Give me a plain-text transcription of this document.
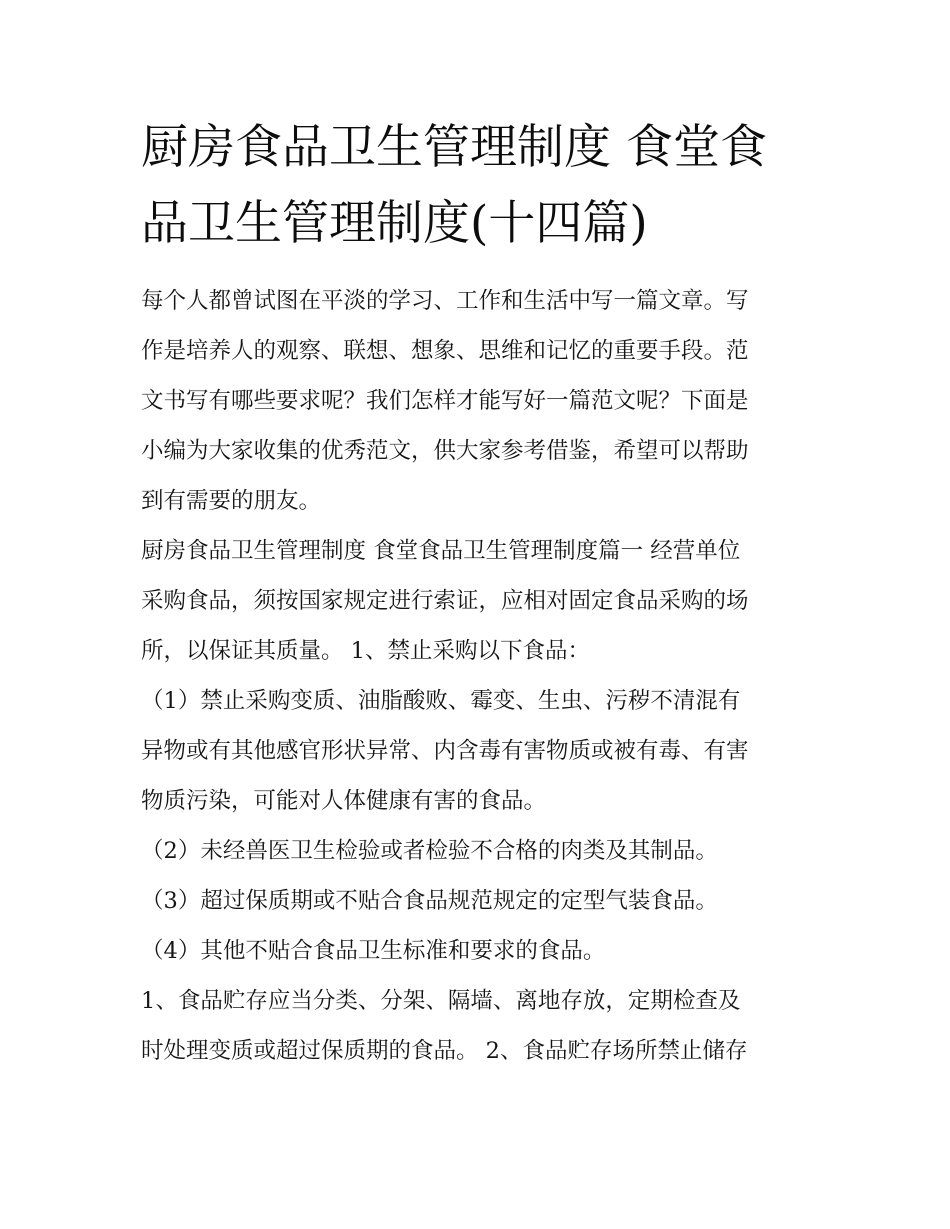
厨房食品卫生管理制度 食堂食
品卫生管理制度(十四篇)
每个人都曾试图在平淡的学习、工作和生活中写一篇文章。写
作是培养人的观察、联想、想象、思维和记忆的重要手段。范
文书写有哪些要求呢？我们怎样才能写好一篇范文呢？下面是
小编为大家收集的优秀范文，供大家参考借鉴，希望可以帮助
到有需要的朋友。
厨房食品卫生管理制度 食堂食品卫生管理制度篇一 经营单位
采购食品，须按国家规定进行索证，应相对固定食品采购的场
所，以保证其质量。 1、禁止采购以下食品：
（1）禁止采购变质、油脂酸败、霉变、生虫、污秽不清混有
异物或有其他感官形状异常、内含毒有害物质或被有毒、有害
物质污染，可能对人体健康有害的食品。
（2）未经兽医卫生检验或者检验不合格的肉类及其制品。
（3）超过保质期或不贴合食品规范规定的定型气装食品。
（4）其他不贴合食品卫生标准和要求的食品。
1、食品贮存应当分类、分架、隔墙、离地存放，定期检查及
时处理变质或超过保质期的食品。 2、食品贮存场所禁止储存
